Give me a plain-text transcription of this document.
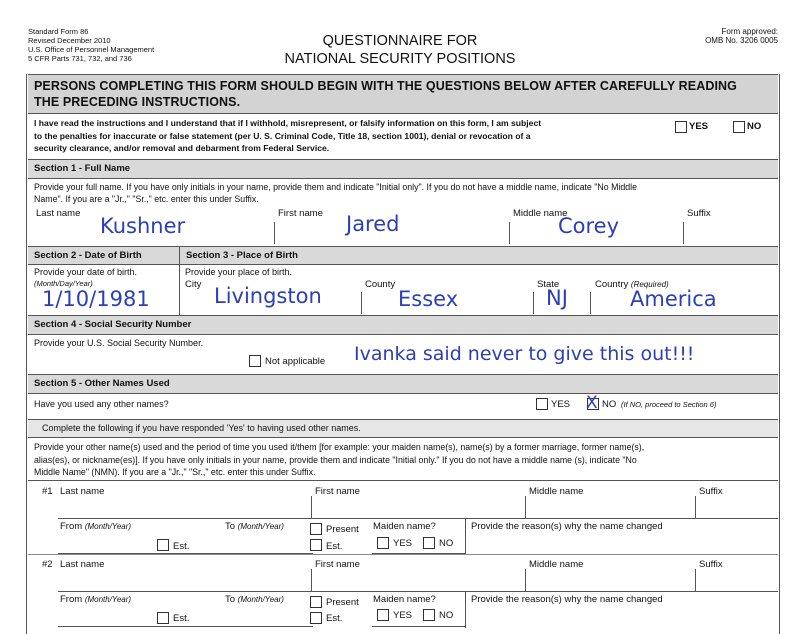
Standard Form 86
Revised December 2010
U.S. Office of Personnel Management
5 CFR Parts 731, 732, and 736
QUESTIONNAIRE FOR
NATIONAL SECURITY POSITIONS
Form approved:
OMB No. 3206 0005
PERSONS COMPLETING THIS FORM SHOULD BEGIN WITH THE QUESTIONS BELOW AFTER CAREFULLY READING
THE PRECEDING INSTRUCTIONS.
I have read the instructions and I understand that if I withhold, misrepresent, or falsify information on this form, I am subject
to the penalties for inaccurate or false statement (per U. S. Criminal Code, Title 18, section 1001), denial or revocation of a
security clearance, and/or removal and debarment from Federal Service.
YES	NO
Section 1 - Full Name
Provide your full name. If you have only initials in your name, provide them and indicate "Initial only". If you do not have a middle name, indicate "No Middle
Name". If you are a "Jr.," "Sr.," etc. enter this under Suffix.
Last name	First name	Middle name	Suffix
Kushner	Jared	Corey
Section 2 - Date of Birth	Section 3 - Place of Birth
Provide your date of birth.
(Month/Day/Year)
1/10/1981
Provide your place of birth.
City	County	State	Country (Required)
Livingston	Essex	NJ	America
Section 4 - Social Security Number
Provide your U.S. Social Security Number.
Not applicable Ivanka said never to give this out!!!
Section 5 - Other Names Used
Have you used any other names?	YES X NO (If NO, proceed to Section 6)
Complete the following if you have responded 'Yes' to having used other names.
Provide your other name(s) used and the period of time you used it/them [for example: your maiden name(s), name(s) by a former marriage, former name(s),
alias(es), or nickname(es)]. If you have only initials in your name, provide them and indicate "Initial only." If you do not have a middle name (s), indicate "No
Middle Name" (NMN). If you are a "Jr.," "Sr.," etc. enter this under Suffix.
#1 Last name	First name	Middle name	Suffix
From (Month/Year)	To (Month/Year)	Present Maiden name?	Provide the reason(s) why the name changed
Est.	Est.	YES	NO
#2 Last name	First name	Middle name	Suffix
From (Month/Year)	To (Month/Year)	Present Maiden name?	Provide the reason(s) why the name changed
Est.	Est.	YES	NO
